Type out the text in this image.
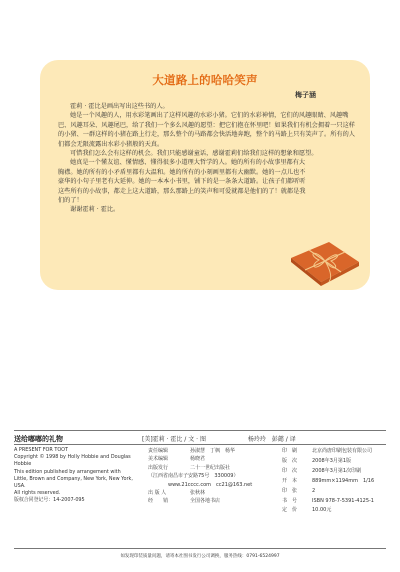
大道路上的哈哈笑声
梅子涵

霍莉 · 霍比是画出写出这些书的人。

她是一个风趣的人，用水彩笔画出了这样风趣的水彩小猪。它们的水彩神情，它们的风趣眼睛、风趣嘴巴、风趣耳朵、风趣尾巴，给了我们一个多么风趣的愿望：把它们抱在怀里吧！如果我们有机会拥着一只这样的小猪、一群这样的小猪在路上行走，那么整个的马路都会快活地奔跑，整个的马路上只有笑声了。所有的人们都会无限流露出水彩小猪般的天真。

可惜我们怎么会有这样的机会。我们只能感谢童话，感谢霍莉们给我们这样的想象和愿望。

她真是一个懂友谊、懂情感、懂得很多小道理大哲学的人。她的所有的小故事里都有大胸襟。她的所有的小矛盾里都有大温和。她的所有的小刻画里都有大幽默。她的一点儿也不豪华的小句子里老有大延伸。她的一本本小书里，铺下的是一条条大道路。让孩子们都听听这些所有的小故事，都走上这大道路，那么那路上的笑声和可爱就都是他们的了！就都是我们的了！

谢谢霍莉 · 霍比。

送给嘟嘟的礼物	[美]霍莉 · 霍比 / 文 · 图	杨玲玲　彭懿 / 译
A PRESENT FOR TOOT
Copyright © 1998 by Holly Hobbie and Douglas Hobbie
This edition published by arrangement with Little, Brown and Company, New York, New York, USA.
All rights reserved.
版权合同登记号：14-2007-095
责任编辑	孙淑慧　丁枫　杨华
美术编辑	杨晓君
出版发行	二十一世纪出版社
（江西省南昌市子安路75号　330009）
www.21cccc.com　cc21@163.net
出 版 人	张秋林
经　　销	全国各地书店
印　刷	北京尚唐印刷包装有限公司
版　次	2008年3月第1版
印　次	2008年3月第1次印刷
开　本	889mm×1194mm　1/16
印　张	2
书　号	ISBN 978-7-5391-4125-1
定　价	10.00元
如发现印装质量问题，请寄本社图书发行公司调换，服务热线：0791-6524997
